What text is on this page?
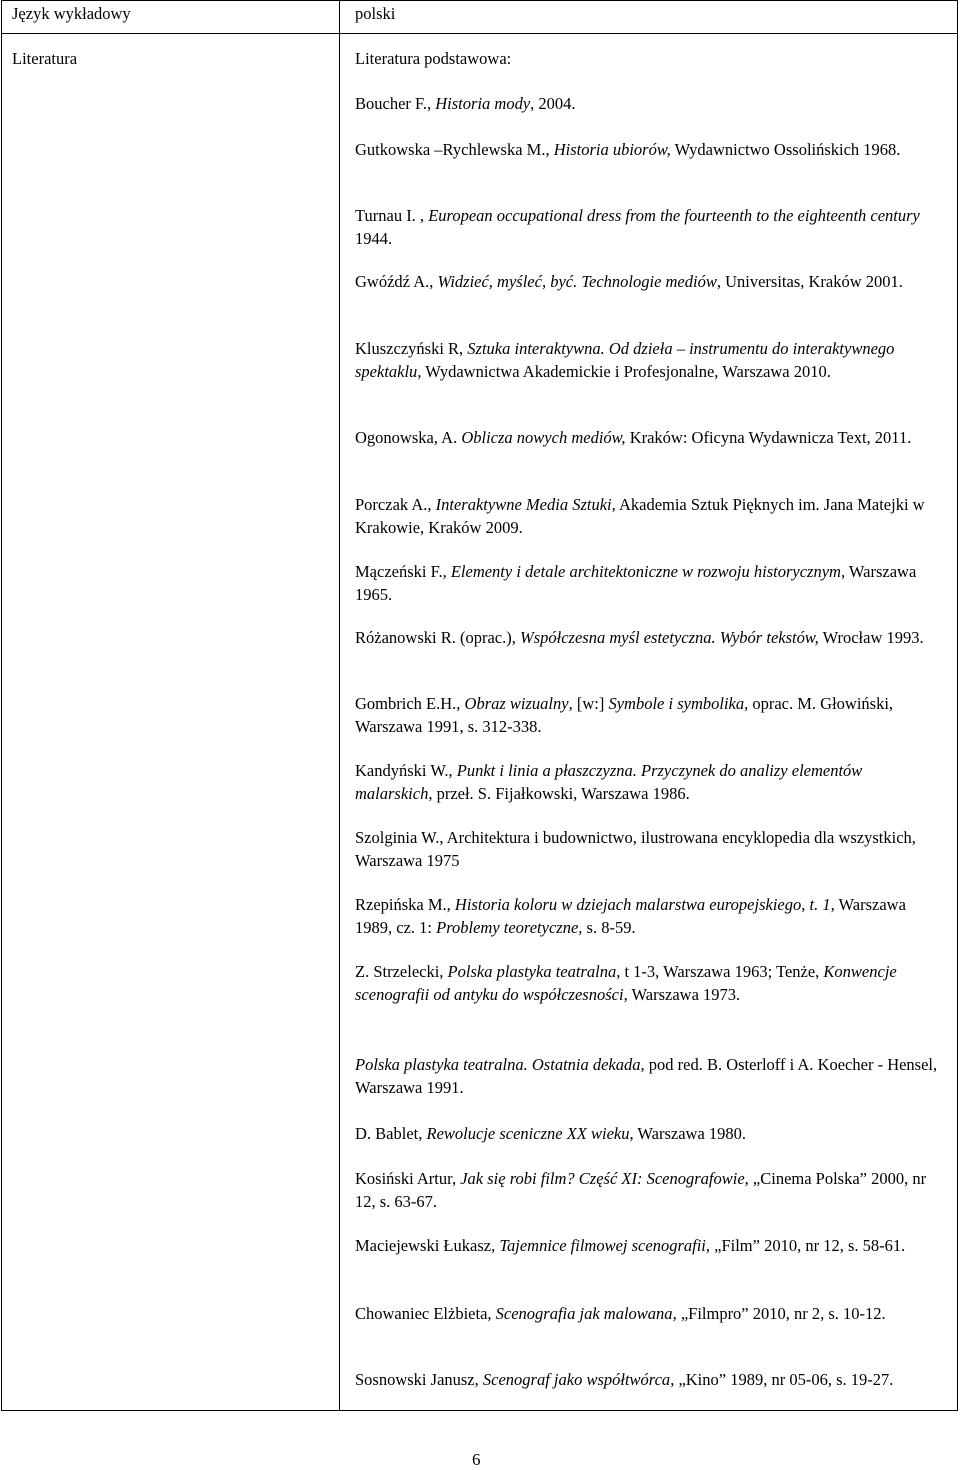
Język wykładowy	polski
Literatura	Literatura podstawowa:
Boucher F., Historia mody, 2004.
Gutkowska –Rychlewska M., Historia ubiorów, Wydawnictwo Ossolińskich 1968.
Turnau I. , European occupational dress from the fourteenth to the eighteenth century 1944.
Gwóźdź A., Widzieć, myśleć, być. Technologie mediów, Universitas, Kraków 2001.
Kluszczyński R, Sztuka interaktywna. Od dzieła – instrumentu do interaktywnego spektaklu, Wydawnictwa Akademickie i Profesjonalne, Warszawa 2010.
Ogonowska, A. Oblicza nowych mediów, Kraków: Oficyna Wydawnicza Text, 2011.
Porczak A., Interaktywne Media Sztuki, Akademia Sztuk Pięknych im. Jana Matejki w Krakowie, Kraków 2009.
Mączeński F., Elementy i detale architektoniczne w rozwoju historycznym, Warszawa 1965.
Różanowski R. (oprac.), Współczesna myśl estetyczna. Wybór tekstów, Wrocław 1993.
Gombrich E.H., Obraz wizualny, [w:] Symbole i symbolika, oprac. M. Głowiński, Warszawa 1991, s. 312-338.
Kandyński W., Punkt i linia a płaszczyzna. Przyczynek do analizy elementów malarskich, przeł. S. Fijałkowski, Warszawa 1986.
Szolginia W., Architektura i budownictwo, ilustrowana encyklopedia dla wszystkich, Warszawa 1975
Rzepińska M., Historia koloru w dziejach malarstwa europejskiego, t. 1, Warszawa 1989, cz. 1: Problemy teoretyczne, s. 8-59.
Z. Strzelecki, Polska plastyka teatralna, t 1-3, Warszawa 1963; Tenże, Konwencje scenografii od antyku do współczesności, Warszawa 1973.
Polska plastyka teatralna. Ostatnia dekada, pod red. B. Osterloff i A. Koecher - Hensel, Warszawa 1991.
D. Bablet, Rewolucje sceniczne XX wieku, Warszawa 1980.
Kosiński Artur, Jak się robi film? Część XI: Scenografowie, „Cinema Polska” 2000, nr 12, s. 63-67.
Maciejewski Łukasz, Tajemnice filmowej scenografii, „Film” 2010, nr 12, s. 58-61.
Chowaniec Elżbieta, Scenografia jak malowana, „Filmpro” 2010, nr 2, s. 10-12.
Sosnowski Janusz, Scenograf jako współtwórca, „Kino” 1989, nr 05-06, s. 19-27.
6
